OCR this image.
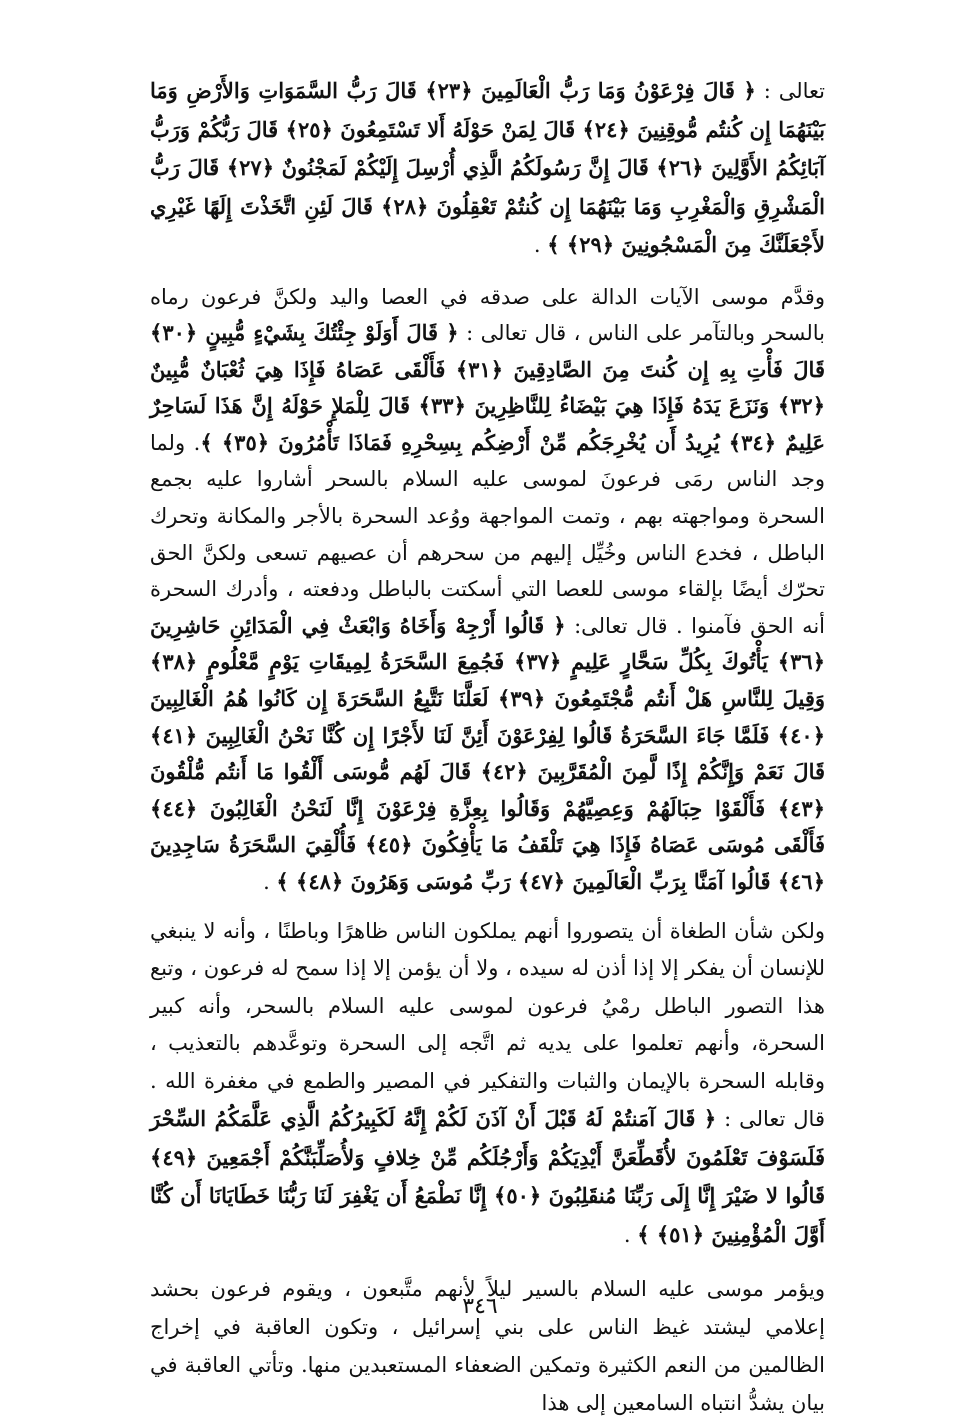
تعالى : ﴿ قَالَ فِرْعَوْنُ وَمَا رَبُّ الْعَالَمِينَ ﴿٢٣﴾ قَالَ رَبُّ السَّمَوَاتِ وَالأَرْضِ وَمَا بَيْنَهُمَا إِن كُنتُم مُّوقِنِينَ ﴿٢٤﴾ قَالَ لِمَنْ حَوْلَهُ أَلا تَسْتَمِعُونَ ﴿٢٥﴾ قَالَ رَبُّكُمْ وَرَبُّ آبَائِكُمُ الأَوَّلِينَ ﴿٢٦﴾ قَالَ إِنَّ رَسُولَكُمُ الَّذِي أُرْسِلَ إِلَيْكُمْ لَمَجْنُونٌ ﴿٢٧﴾ قَالَ رَبُّ الْمَشْرِقِ وَالْمَغْرِبِ وَمَا بَيْنَهُمَا إِن كُنتُمْ تَعْقِلُونَ ﴿٢٨﴾ قَالَ لَئِنِ اتَّخَذْتَ إِلَهًا غَيْرِي لأَجْعَلَنَّكَ مِنَ الْمَسْجُونِينَ ﴿٢٩﴾ ﴾ .

وقدَّم موسى الآيات الدالة على صدقه في العصا واليد ولكنَّ فرعون رماه بالسحر وبالتآمر على الناس ، قال تعالى : ﴿ قَالَ أَوَلَوْ جِئْتُكَ بِشَيْءٍ مُّبِينٍ ﴿٣٠﴾ قَالَ فَأْتِ بِهِ إِن كُنتَ مِنَ الصَّادِقِينَ ﴿٣١﴾ فَأَلْقَى عَصَاهُ فَإِذَا هِيَ ثُعْبَانٌ مُّبِينٌ ﴿٣٢﴾ وَنَزَعَ يَدَهُ فَإِذَا هِيَ بَيْضَاءُ لِلنَّاظِرِينَ ﴿٣٣﴾ قَالَ لِلْمَلإِ حَوْلَهُ إِنَّ هَذَا لَسَاحِرٌ عَلِيمٌ ﴿٣٤﴾ يُرِيدُ أَن يُخْرِجَكُم مِّنْ أَرْضِكُم بِسِحْرِهِ فَمَاذَا تَأْمُرُونَ ﴿٣٥﴾ ﴾. ولما وجد الناس رمَى فرعونَ لموسى عليه السلام بالسحر أشاروا عليه بجمع السحرة ومواجهته بهم ، وتمت المواجهة ووُعد السحرة بالأجر والمكانة وتحرك الباطل ، فخدع الناس وخُيِّل إليهم من سحرهم أن عصيهم تسعى ولكنَّ الحق تحرّك أيضًا بإلقاء موسى للعصا التي أسكتت بالباطل ودفعته ، وأدرك السحرة أنه الحق فآمنوا . قال تعالى: ﴿ قَالُوا أَرْجِهْ وَأَخَاهُ وَابْعَثْ فِي الْمَدَائِنِ حَاشِرِينَ ﴿٣٦﴾ يَأْتُوكَ بِكُلِّ سَحَّارٍ عَلِيمٍ ﴿٣٧﴾ فَجُمِعَ السَّحَرَةُ لِمِيقَاتِ يَوْمٍ مَّعْلُومٍ ﴿٣٨﴾ وَقِيلَ لِلنَّاسِ هَلْ أَنتُم مُّجْتَمِعُونَ ﴿٣٩﴾ لَعَلَّنَا نَتَّبِعُ السَّحَرَةَ إِن كَانُوا هُمُ الْغَالِبِينَ ﴿٤٠﴾ فَلَمَّا جَاءَ السَّحَرَةُ قَالُوا لِفِرْعَوْنَ أَئِنَّ لَنَا لأَجْرًا إِن كُنَّا نَحْنُ الْغَالِبِينَ ﴿٤١﴾ قَالَ نَعَمْ وَإِنَّكُمْ إِذًا لَّمِنَ الْمُقَرَّبِينَ ﴿٤٢﴾ قَالَ لَهُم مُّوسَى أَلْقُوا مَا أَنتُم مُّلْقُونَ ﴿٤٣﴾ فَأَلْقَوْا حِبَالَهُمْ وَعِصِيَّهُمْ وَقَالُوا بِعِزَّةِ فِرْعَوْنَ إِنَّا لَنَحْنُ الْغَالِبُونَ ﴿٤٤﴾ فَأَلْقَى مُوسَى عَصَاهُ فَإِذَا هِيَ تَلْقَفُ مَا يَأْفِكُونَ ﴿٤٥﴾ فَأُلْقِيَ السَّحَرَةُ سَاجِدِينَ ﴿٤٦﴾ قَالُوا آمَنَّا بِرَبِّ الْعَالَمِينَ ﴿٤٧﴾ رَبِّ مُوسَى وَهَرُونَ ﴿٤٨﴾ ﴾ .

ولكن شأن الطغاة أن يتصوروا أنهم يملكون الناس ظاهرًا وباطنًا ، وأنه لا ينبغي للإنسان أن يفكر إلا إذا أذن له سيده ، ولا أن يؤمن إلا إذا سمح له فرعون ، وتبع هذا التصور الباطل رمْيُ فرعون لموسى عليه السلام بالسحر، وأنه كبير السحرة، وأنهم تعلموا على يديه ثم اتَّجه إلى السحرة وتوعَّدهم بالتعذيب ، وقابله السحرة بالإيمان والثبات والتفكير في المصير والطمع في مغفرة الله . قال تعالى : ﴿ قَالَ آمَنتُمْ لَهُ قَبْلَ أَنْ آذَنَ لَكُمْ إِنَّهُ لَكَبِيرُكُمُ الَّذِي عَلَّمَكُمُ السِّحْرَ فَلَسَوْفَ تَعْلَمُونَ لأُقَطِّعَنَّ أَيْدِيَكُمْ وَأَرْجُلَكُم مِّنْ خِلافٍ وَلأُصَلِّبَنَّكُمْ أَجْمَعِينَ ﴿٤٩﴾ قَالُوا لا ضَيْرَ إِنَّا إِلَى رَبِّنَا مُنقَلِبُونَ ﴿٥٠﴾ إِنَّا نَطْمَعُ أَن يَغْفِرَ لَنَا رَبُّنَا خَطَايَانَا أَن كُنَّا أَوَّلَ الْمُؤْمِنِينَ ﴿٥١﴾ ﴾ .

ويؤمر موسى عليه السلام بالسير ليلاً لأنهم متَّبعون ، ويقوم فرعون بحشد إعلامي ليشتد غيظ الناس على بني إسرائيل ، وتكون العاقبة في إخراج الظالمين من النعم الكثيرة وتمكين الضعفاء المستعبدين منها. وتأتي العاقبة في بيان يشدُّ انتباه السامعين إلى هذا

٣٤٦
